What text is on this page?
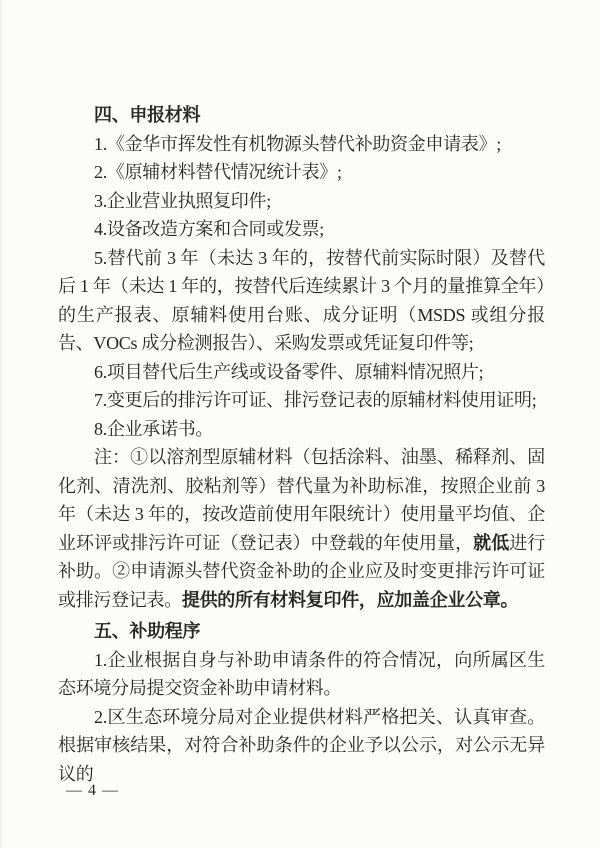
四、申报材料

1.《金华市挥发性有机物源头替代补助资金申请表》;

2.《原辅材料替代情况统计表》;

3.企业营业执照复印件;

4.设备改造方案和合同或发票;

5.替代前 3 年（未达 3 年的，按替代前实际时限）及替代后 1 年（未达 1 年的，按替代后连续累计 3 个月的量推算全年）的生产报表、原辅料使用台账、成分证明（MSDS 或组分报告、VOCs 成分检测报告）、采购发票或凭证复印件等;

6.项目替代后生产线或设备零件、原辅料情况照片;

7.变更后的排污许可证、排污登记表的原辅材料使用证明;

8.企业承诺书。

注：①以溶剂型原辅材料（包括涂料、油墨、稀释剂、固化剂、清洗剂、胶粘剂等）替代量为补助标准，按照企业前 3 年（未达 3 年的，按改造前使用年限统计）使用量平均值、企业环评或排污许可证（登记表）中登载的年使用量，就低进行补助。②申请源头替代资金补助的企业应及时变更排污许可证或排污登记表。提供的所有材料复印件，应加盖企业公章。

五、补助程序

1.企业根据自身与补助申请条件的符合情况，向所属区生态环境分局提交资金补助申请材料。

2.区生态环境分局对企业提供材料严格把关、认真审查。根据审核结果，对符合补助条件的企业予以公示，对公示无异议的

— 4 —
